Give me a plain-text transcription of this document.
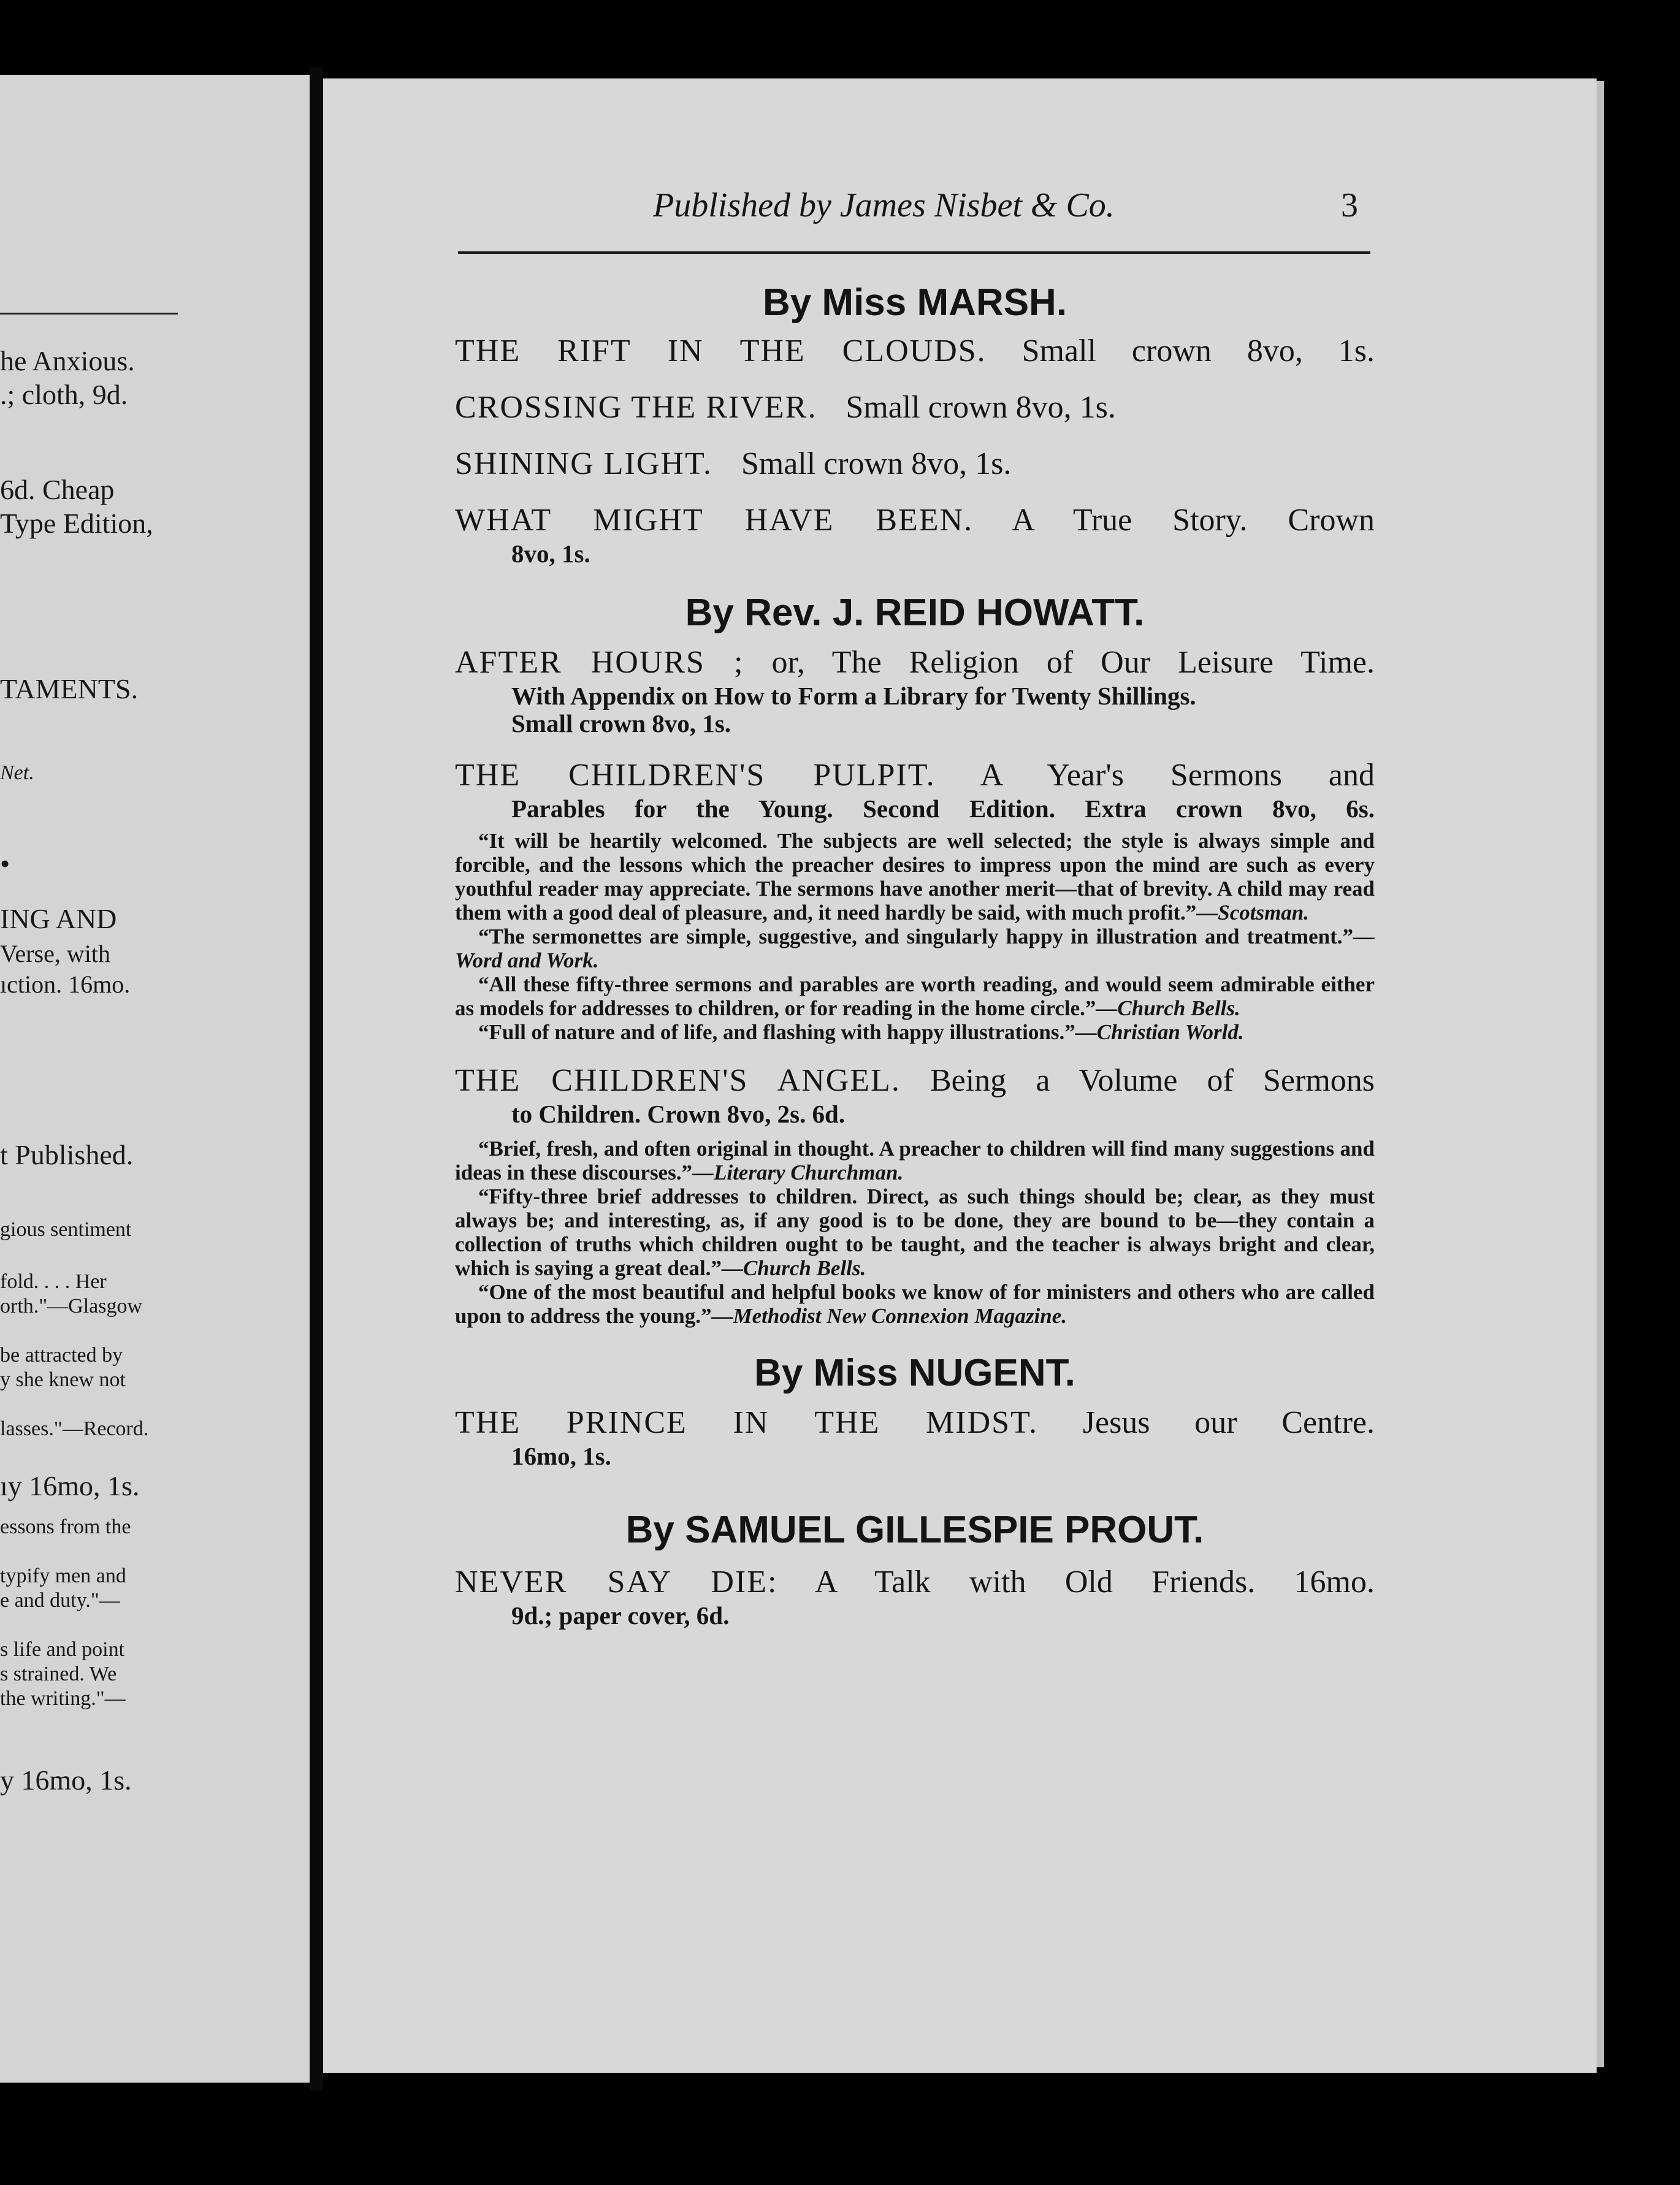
he Anxious.
.; cloth, 9d.
6d. Cheap
Type Edition,
TAMENTS.
Net.
•
ING AND
Verse, with
ıction. 16mo.
t Published.
gious sentiment
fold. . . . Her
orth."—Glasgow
be attracted by
y she knew not
lasses."—Record.
ıy 16mo, 1s.
essons from the
typify men and
e and duty."—
s life and point
s strained. We
the writing."—
y 16mo, 1s.
Published by James Nisbet & Co.	3
By Miss MARSH.
THE RIFT IN THE CLOUDS. Small crown 8vo, 1s.
CROSSING THE RIVER. Small crown 8vo, 1s.
SHINING LIGHT. Small crown 8vo, 1s.
WHAT MIGHT HAVE BEEN. A True Story. Crown
8vo, 1s.
By Rev. J. REID HOWATT.
AFTER HOURS ; or, The Religion of Our Leisure Time.
With Appendix on How to Form a Library for Twenty Shillings.
Small crown 8vo, 1s.
THE CHILDREN'S PULPIT. A Year's Sermons and
Parables for the Young. Second Edition. Extra crown 8vo, 6s.

“It will be heartily welcomed. The subjects are well selected; the style is always simple and forcible, and the lessons which the preacher desires to impress upon the mind are such as every youthful reader may appreciate. The sermons have another merit—that of brevity. A child may read them with a good deal of pleasure, and, it need hardly be said, with much profit.”—Scotsman.

“The sermonettes are simple, suggestive, and singularly happy in illustration and treatment.”—Word and Work.

“All these fifty-three sermons and parables are worth reading, and would seem admirable either as models for addresses to children, or for reading in the home circle.”—Church Bells.

“Full of nature and of life, and flashing with happy illustrations.”—Christian World.

THE CHILDREN'S ANGEL. Being a Volume of Sermons
to Children. Crown 8vo, 2s. 6d.

“Brief, fresh, and often original in thought. A preacher to children will find many suggestions and ideas in these discourses.”—Literary Churchman.

“Fifty-three brief addresses to children. Direct, as such things should be; clear, as they must always be; and interesting, as, if any good is to be done, they are bound to be—they contain a collection of truths which children ought to be taught, and the teacher is always bright and clear, which is saying a great deal.”—Church Bells.

“One of the most beautiful and helpful books we know of for ministers and others who are called upon to address the young.”—Methodist New Connexion Magazine.

By Miss NUGENT.
THE PRINCE IN THE MIDST. Jesus our Centre.
16mo, 1s.
By SAMUEL GILLESPIE PROUT.
NEVER SAY DIE: A Talk with Old Friends. 16mo.
9d.; paper cover, 6d.
